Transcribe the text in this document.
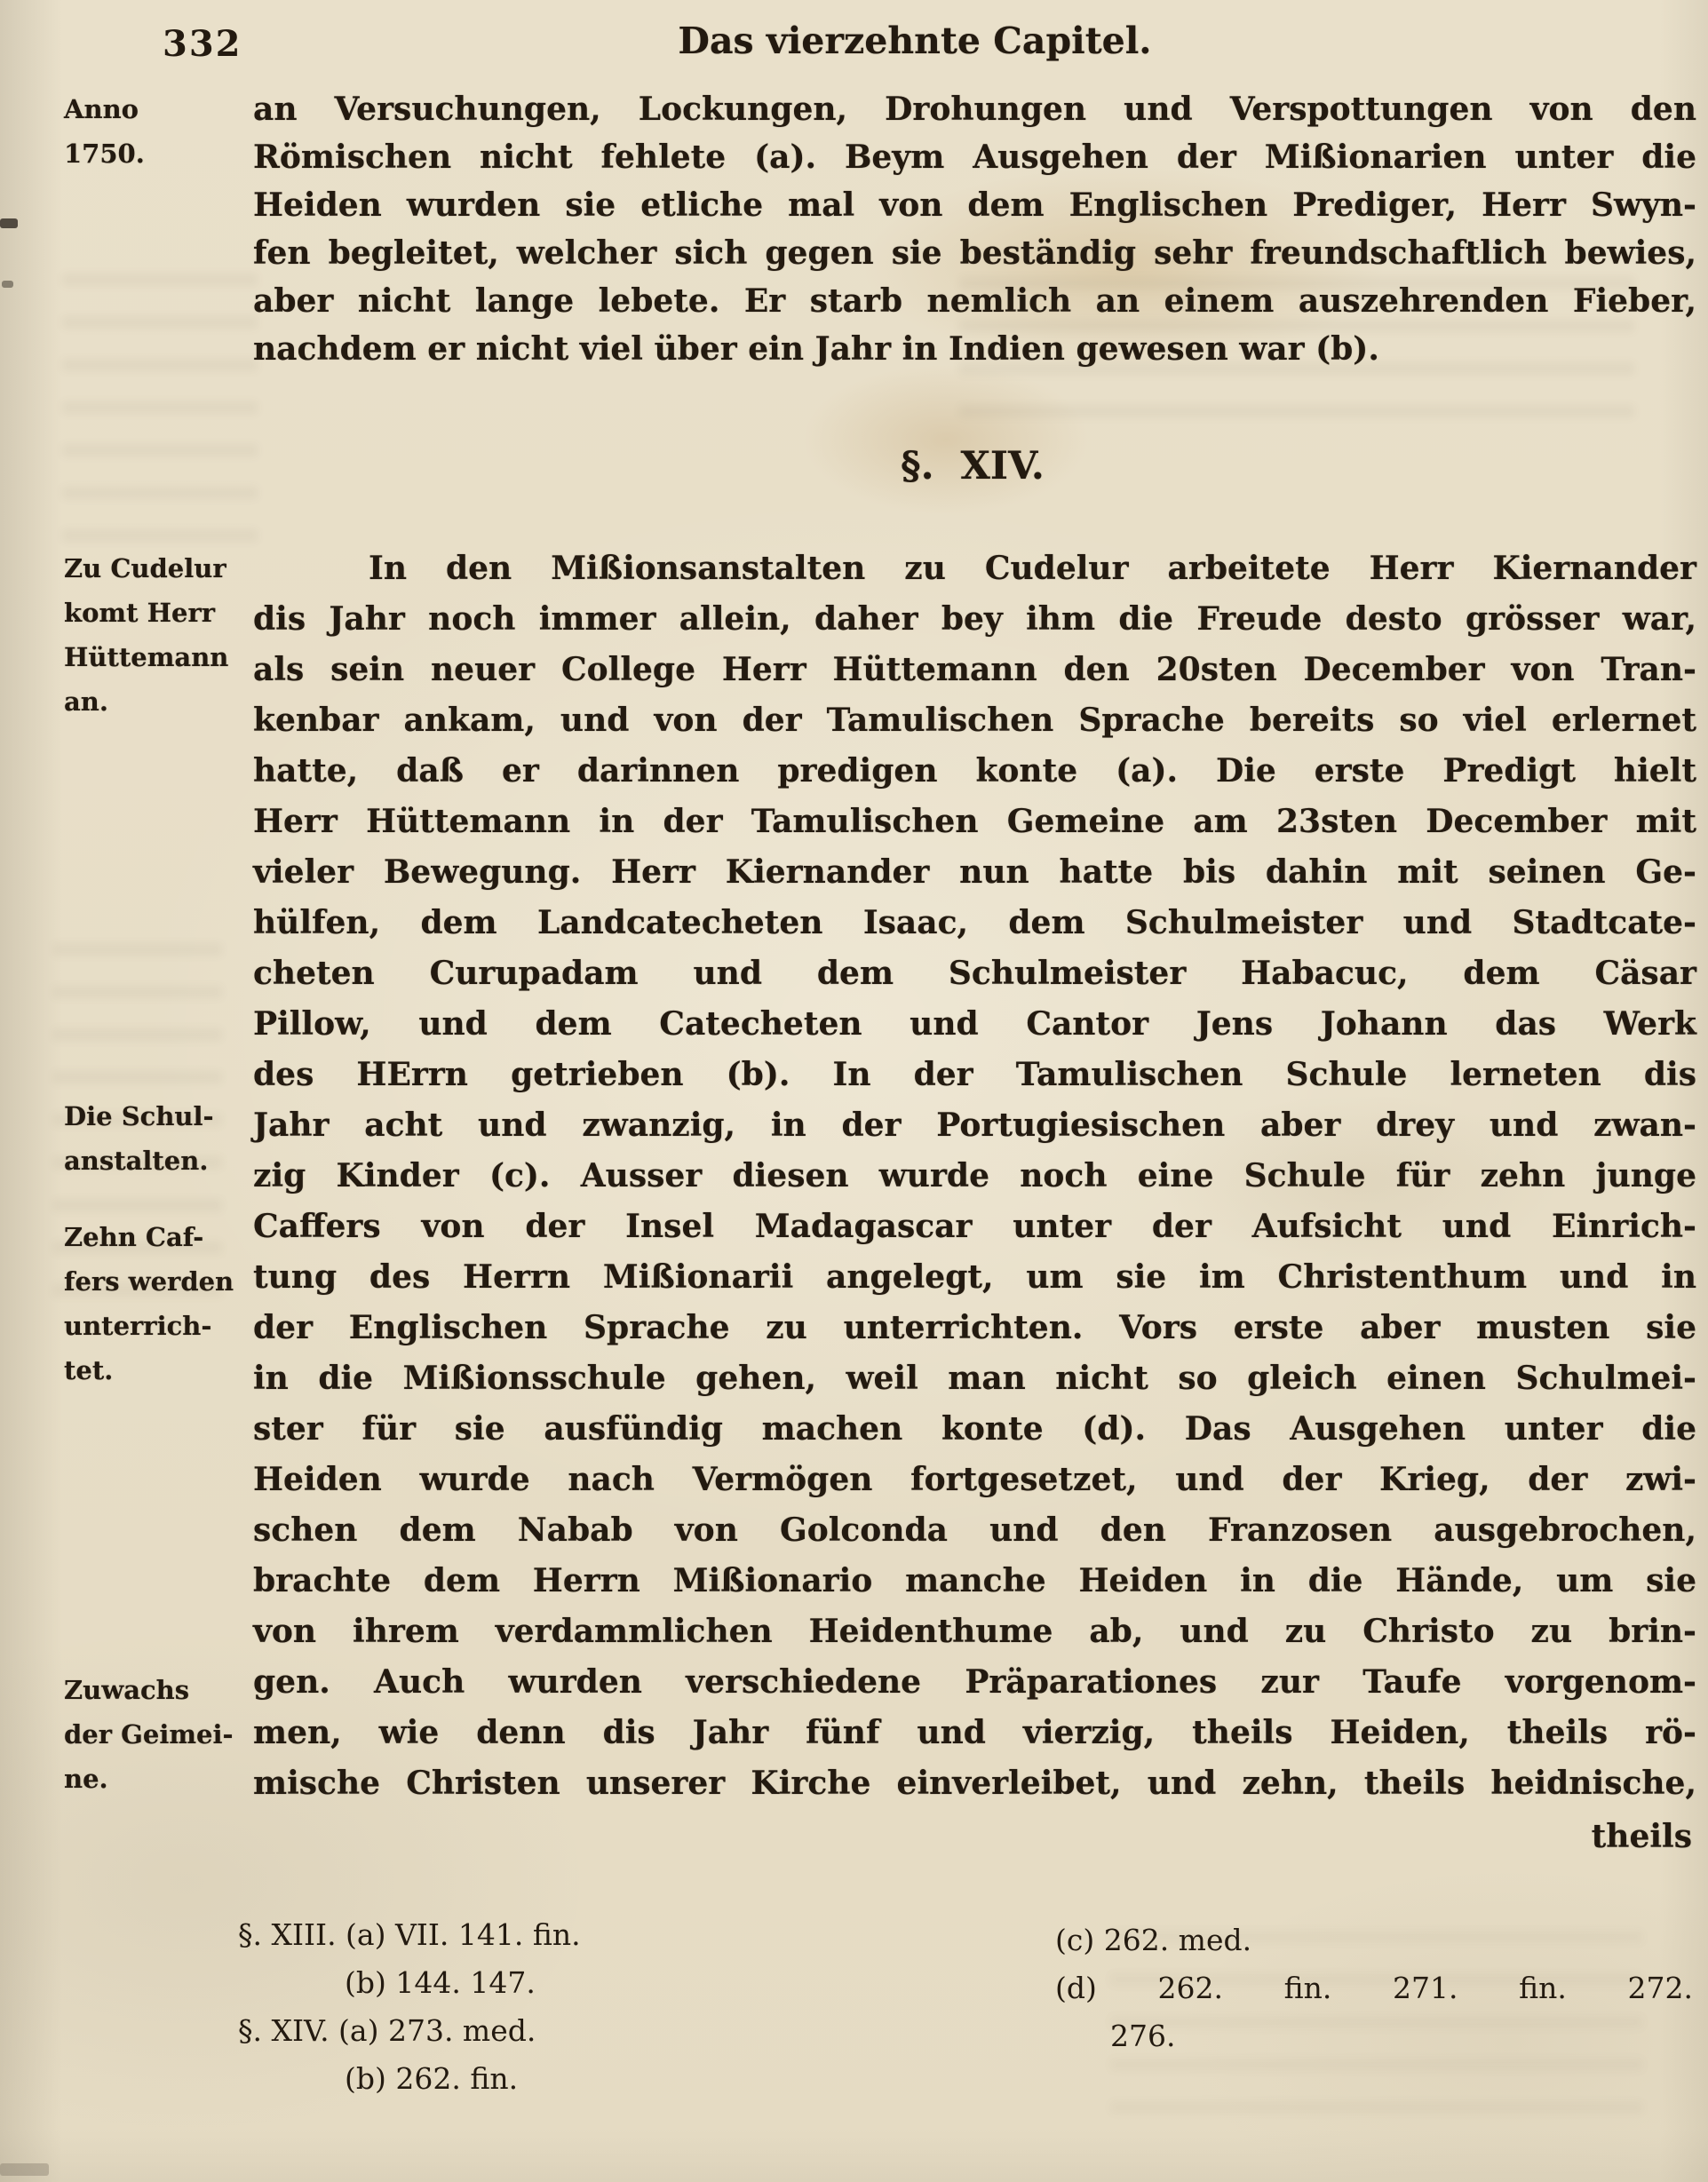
332	Das vierzehnte Capitel.
Anno
1750.
Zu Cudelur
komt Herr
Hüttemann
an.
Die Schul-
anstalten.
Zehn Caf-
fers werden
unterrich-
tet.
Zuwachs
der Geimei-
ne.
an Versuchungen, Lockungen, Drohungen und Verspottungen von den
Römischen nicht fehlete (a). Beym Ausgehen der Mißionarien unter die
Heiden wurden sie etliche mal von dem Englischen Prediger, Herr Swyn-
fen begleitet, welcher sich gegen sie beständig sehr freundschaftlich bewies,
aber nicht lange lebete. Er starb nemlich an einem auszehrenden Fieber,
nachdem er nicht viel über ein Jahr in Indien gewesen war (b).
§.  XIV.
In den Mißionsanstalten zu Cudelur arbeitete Herr Kiernander
dis Jahr noch immer allein, daher bey ihm die Freude desto grösser war,
als sein neuer College Herr Hüttemann den 20sten December von Tran-
kenbar ankam, und von der Tamulischen Sprache bereits so viel erlernet
hatte, daß er darinnen predigen konte (a). Die erste Predigt hielt
Herr Hüttemann in der Tamulischen Gemeine am 23sten December mit
vieler Bewegung. Herr Kiernander nun hatte bis dahin mit seinen Ge-
hülfen, dem Landcatecheten Isaac, dem Schulmeister und Stadtcate-
cheten Curupadam und dem Schulmeister Habacuc, dem Cäsar
Pillow, und dem Catecheten und Cantor Jens Johann das Werk
des HErrn getrieben (b). In der Tamulischen Schule lerneten dis
Jahr acht und zwanzig, in der Portugiesischen aber drey und zwan-
zig Kinder (c). Ausser diesen wurde noch eine Schule für zehn junge
Caffers von der Insel Madagascar unter der Aufsicht und Einrich-
tung des Herrn Mißionarii angelegt, um sie im Christenthum und in
der Englischen Sprache zu unterrichten. Vors erste aber musten sie
in die Mißionsschule gehen, weil man nicht so gleich einen Schulmei-
ster für sie ausfündig machen konte (d). Das Ausgehen unter die
Heiden wurde nach Vermögen fortgesetzet, und der Krieg, der zwi-
schen dem Nabab von Golconda und den Franzosen ausgebrochen,
brachte dem Herrn Mißionario manche Heiden in die Hände, um sie
von ihrem verdammlichen Heidenthume ab, und zu Christo zu brin-
gen. Auch wurden verschiedene Präparationes zur Taufe vorgenom-
men, wie denn dis Jahr fünf und vierzig, theils Heiden, theils rö-
mische Christen unserer Kirche einverleibet, und zehn, theils heidnische,
theils
§. XIII. (a) VII. 141. fin.
(b) 144. 147.
§. XIV. (a) 273. med.
(b) 262. fin.
(c) 262. med.
(d) 262. fin. 271. fin. 272.
276.
